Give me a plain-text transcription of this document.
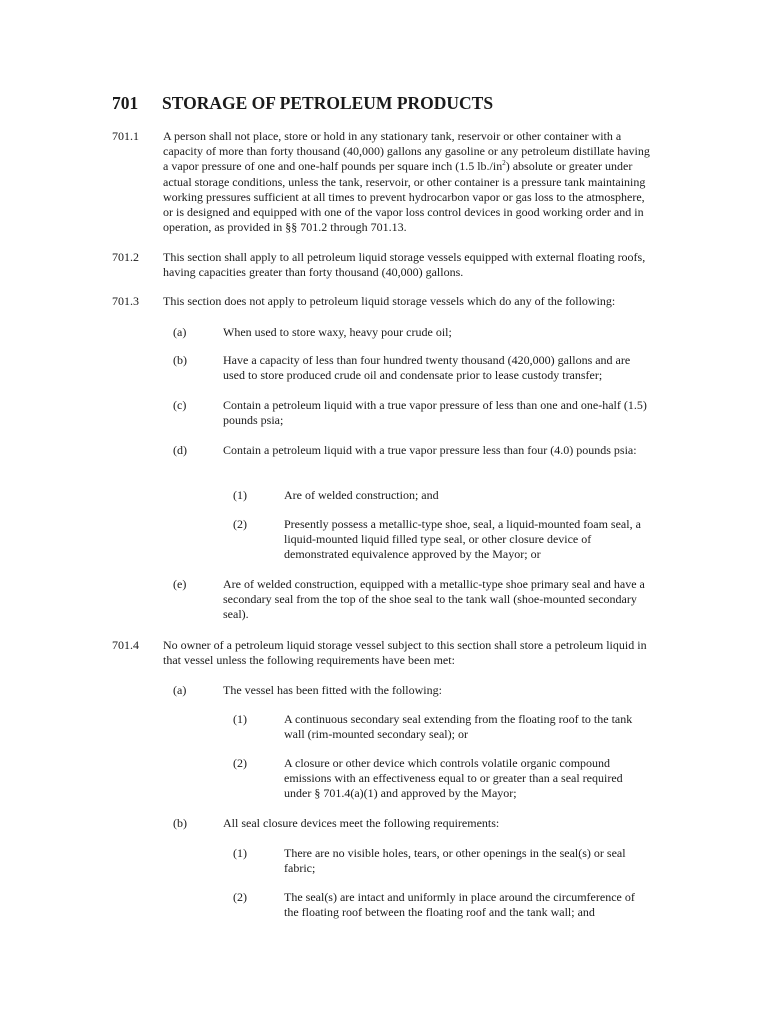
701 STORAGE OF PETROLEUM PRODUCTS
701.1 A person shall not place, store or hold in any stationary tank, reservoir or other container with a capacity of more than forty thousand (40,000) gallons any gasoline or any petroleum distillate having a vapor pressure of one and one-half pounds per square inch (1.5 $lb./in^2$) absolute or greater under actual storage conditions, unless the tank, reservoir, or other container is a pressure tank maintaining working pressures sufficient at all times to prevent hydrocarbon vapor or gas loss to the atmosphere, or is designed and equipped with one of the vapor loss control devices in good working order and in operation, as provided in §§ 701.2 through 701.13.
701.2 This section shall apply to all petroleum liquid storage vessels equipped with external floating roofs, having capacities greater than forty thousand (40,000) gallons.
701.3 This section does not apply to petroleum liquid storage vessels which do any of the following:
(a)	When used to store waxy, heavy pour crude oil;
(b)	Have a capacity of less than four hundred twenty thousand (420,000) gallons and are used to store produced crude oil and condensate prior to lease custody transfer;
(c)	Contain a petroleum liquid with a true vapor pressure of less than one and one-half (1.5) pounds psia;
(d)	Contain a petroleum liquid with a true vapor pressure less than four (4.0) pounds psia:
(1)	Are of welded construction; and
(2)	Presently possess a metallic-type shoe, seal, a liquid-mounted foam seal, a liquid-mounted liquid filled type seal, or other closure device of demonstrated equivalence approved by the Mayor; or
(e)	Are of welded construction, equipped with a metallic-type shoe primary seal and have a secondary seal from the top of the shoe seal to the tank wall (shoe-mounted secondary seal).
701.4 No owner of a petroleum liquid storage vessel subject to this section shall store a petroleum liquid in that vessel unless the following requirements have been met:
(a)	The vessel has been fitted with the following:
(1)	A continuous secondary seal extending from the floating roof to the tank wall (rim-mounted secondary seal); or
(2)	A closure or other device which controls volatile organic compound emissions with an effectiveness equal to or greater than a seal required under § 701.4(a)(1) and approved by the Mayor;
(b)	All seal closure devices meet the following requirements:
(1)	There are no visible holes, tears, or other openings in the seal(s) or seal fabric;
(2)	The seal(s) are intact and uniformly in place around the circumference of the floating roof between the floating roof and the tank wall; and
